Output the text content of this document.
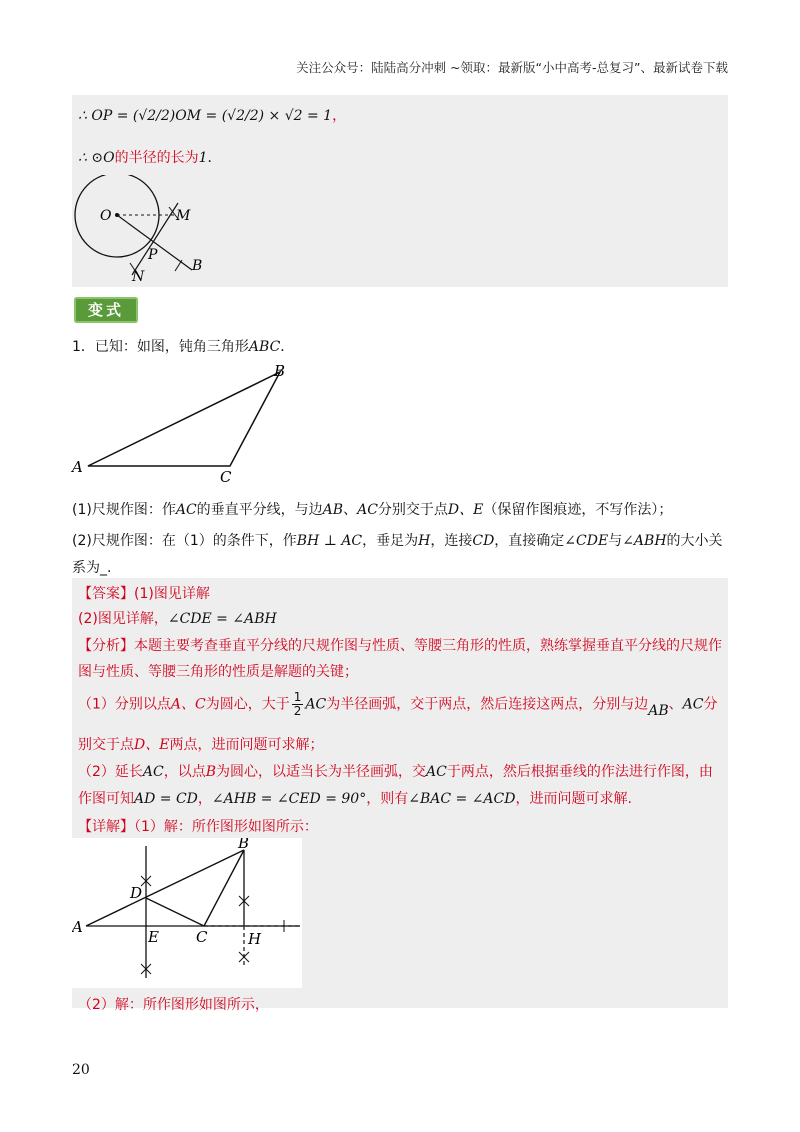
关注公众号：陆陆高分冲刺 ~领取：最新版“小中高考-总复习”、最新试卷下载
∴ OP = (√2/2)OM = (√2/2) × √2 = 1，
∴ ⊙O的半径的长为1．
O	M
P
N
B
变式
1．已知：如图，钝角三角形ABC．
A
B
C
(1)尺规作图：作AC的垂直平分线，与边AB、AC分别交于点D、E（保留作图痕迹，不写作法）；
(2)尺规作图：在（1）的条件下，作BH ⊥ AC，垂足为H，连接CD，直接确定∠CDE与∠ABH的大小关
系为_.
【答案】(1)图见详解
(2)图见详解，∠CDE = ∠ABH
【分析】本题主要考查垂直平分线的尺规作图与性质、等腰三角形的性质，熟练掌握垂直平分线的尺规作
图与性质、等腰三角形的性质是解题的关键；
（1）分别以点A、C为圆心，大于 $\frac{1}{2}$ AC为半径画弧，交于两点，然后连接这两点，分别与边AB、AC分
别交于点D、E两点，进而问题可求解；
（2）延长AC，以点B为圆心，以适当长为半径画弧，交AC于两点，然后根据垂线的作法进行作图，由
作图可知AD = CD，∠AHB = ∠CED = 90°，则有∠BAC = ∠ACD，进而问题可求解.
【详解】（1）解：所作图形如图所示：
A
B
C
D
E	H
（2）解：所作图形如图所示，
20
